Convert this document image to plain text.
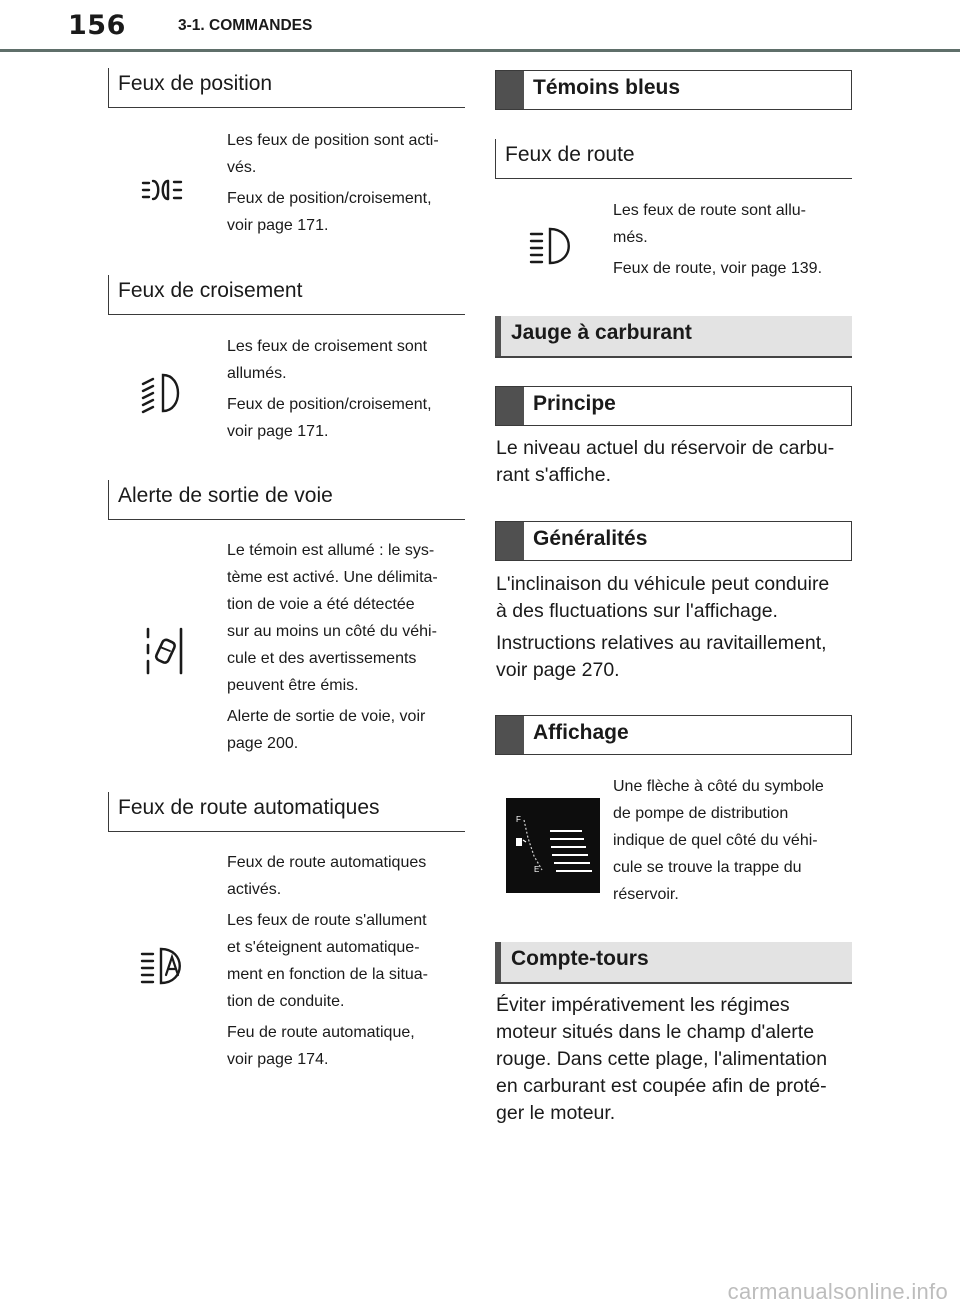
156	3-1. COMMANDES
Feux de position
Les feux de position sont acti-
vés.
Feux de position/croisement,
voir page 171.
Feux de croisement
Les feux de croisement sont
allumés.
Feux de position/croisement,
voir page 171.
Alerte de sortie de voie
Le témoin est allumé : le sys-
tème est activé. Une délimita-
tion de voie a été détectée
sur au moins un côté du véhi-
cule et des avertissements
peuvent être émis.
Alerte de sortie de voie, voir
page 200.
Feux de route automatiques
Feux de route automatiques
activés.
Les feux de route s'allument
et s'éteignent automatique-
ment en fonction de la situa-
tion de conduite.
Feu de route automatique,
voir page 174.
Témoins bleus
Feux de route
Les feux de route sont allu-
més.
Feux de route, voir page 139.
Jauge à carburant
Principe
Le niveau actuel du réservoir de carbu-
rant s'affiche.
Généralités
L'inclinaison du véhicule peut conduire
à des fluctuations sur l'affichage.
Instructions relatives au ravitaillement,
voir page 270.
Affichage
F
E
Une flèche à côté du symbole
de pompe de distribution
indique de quel côté du véhi-
cule se trouve la trappe du
réservoir.
Compte-tours
Éviter impérativement les régimes
moteur situés dans le champ d'alerte
rouge. Dans cette plage, l'alimentation
en carburant est coupée afin de proté-
ger le moteur.
carmanualsonline.info
